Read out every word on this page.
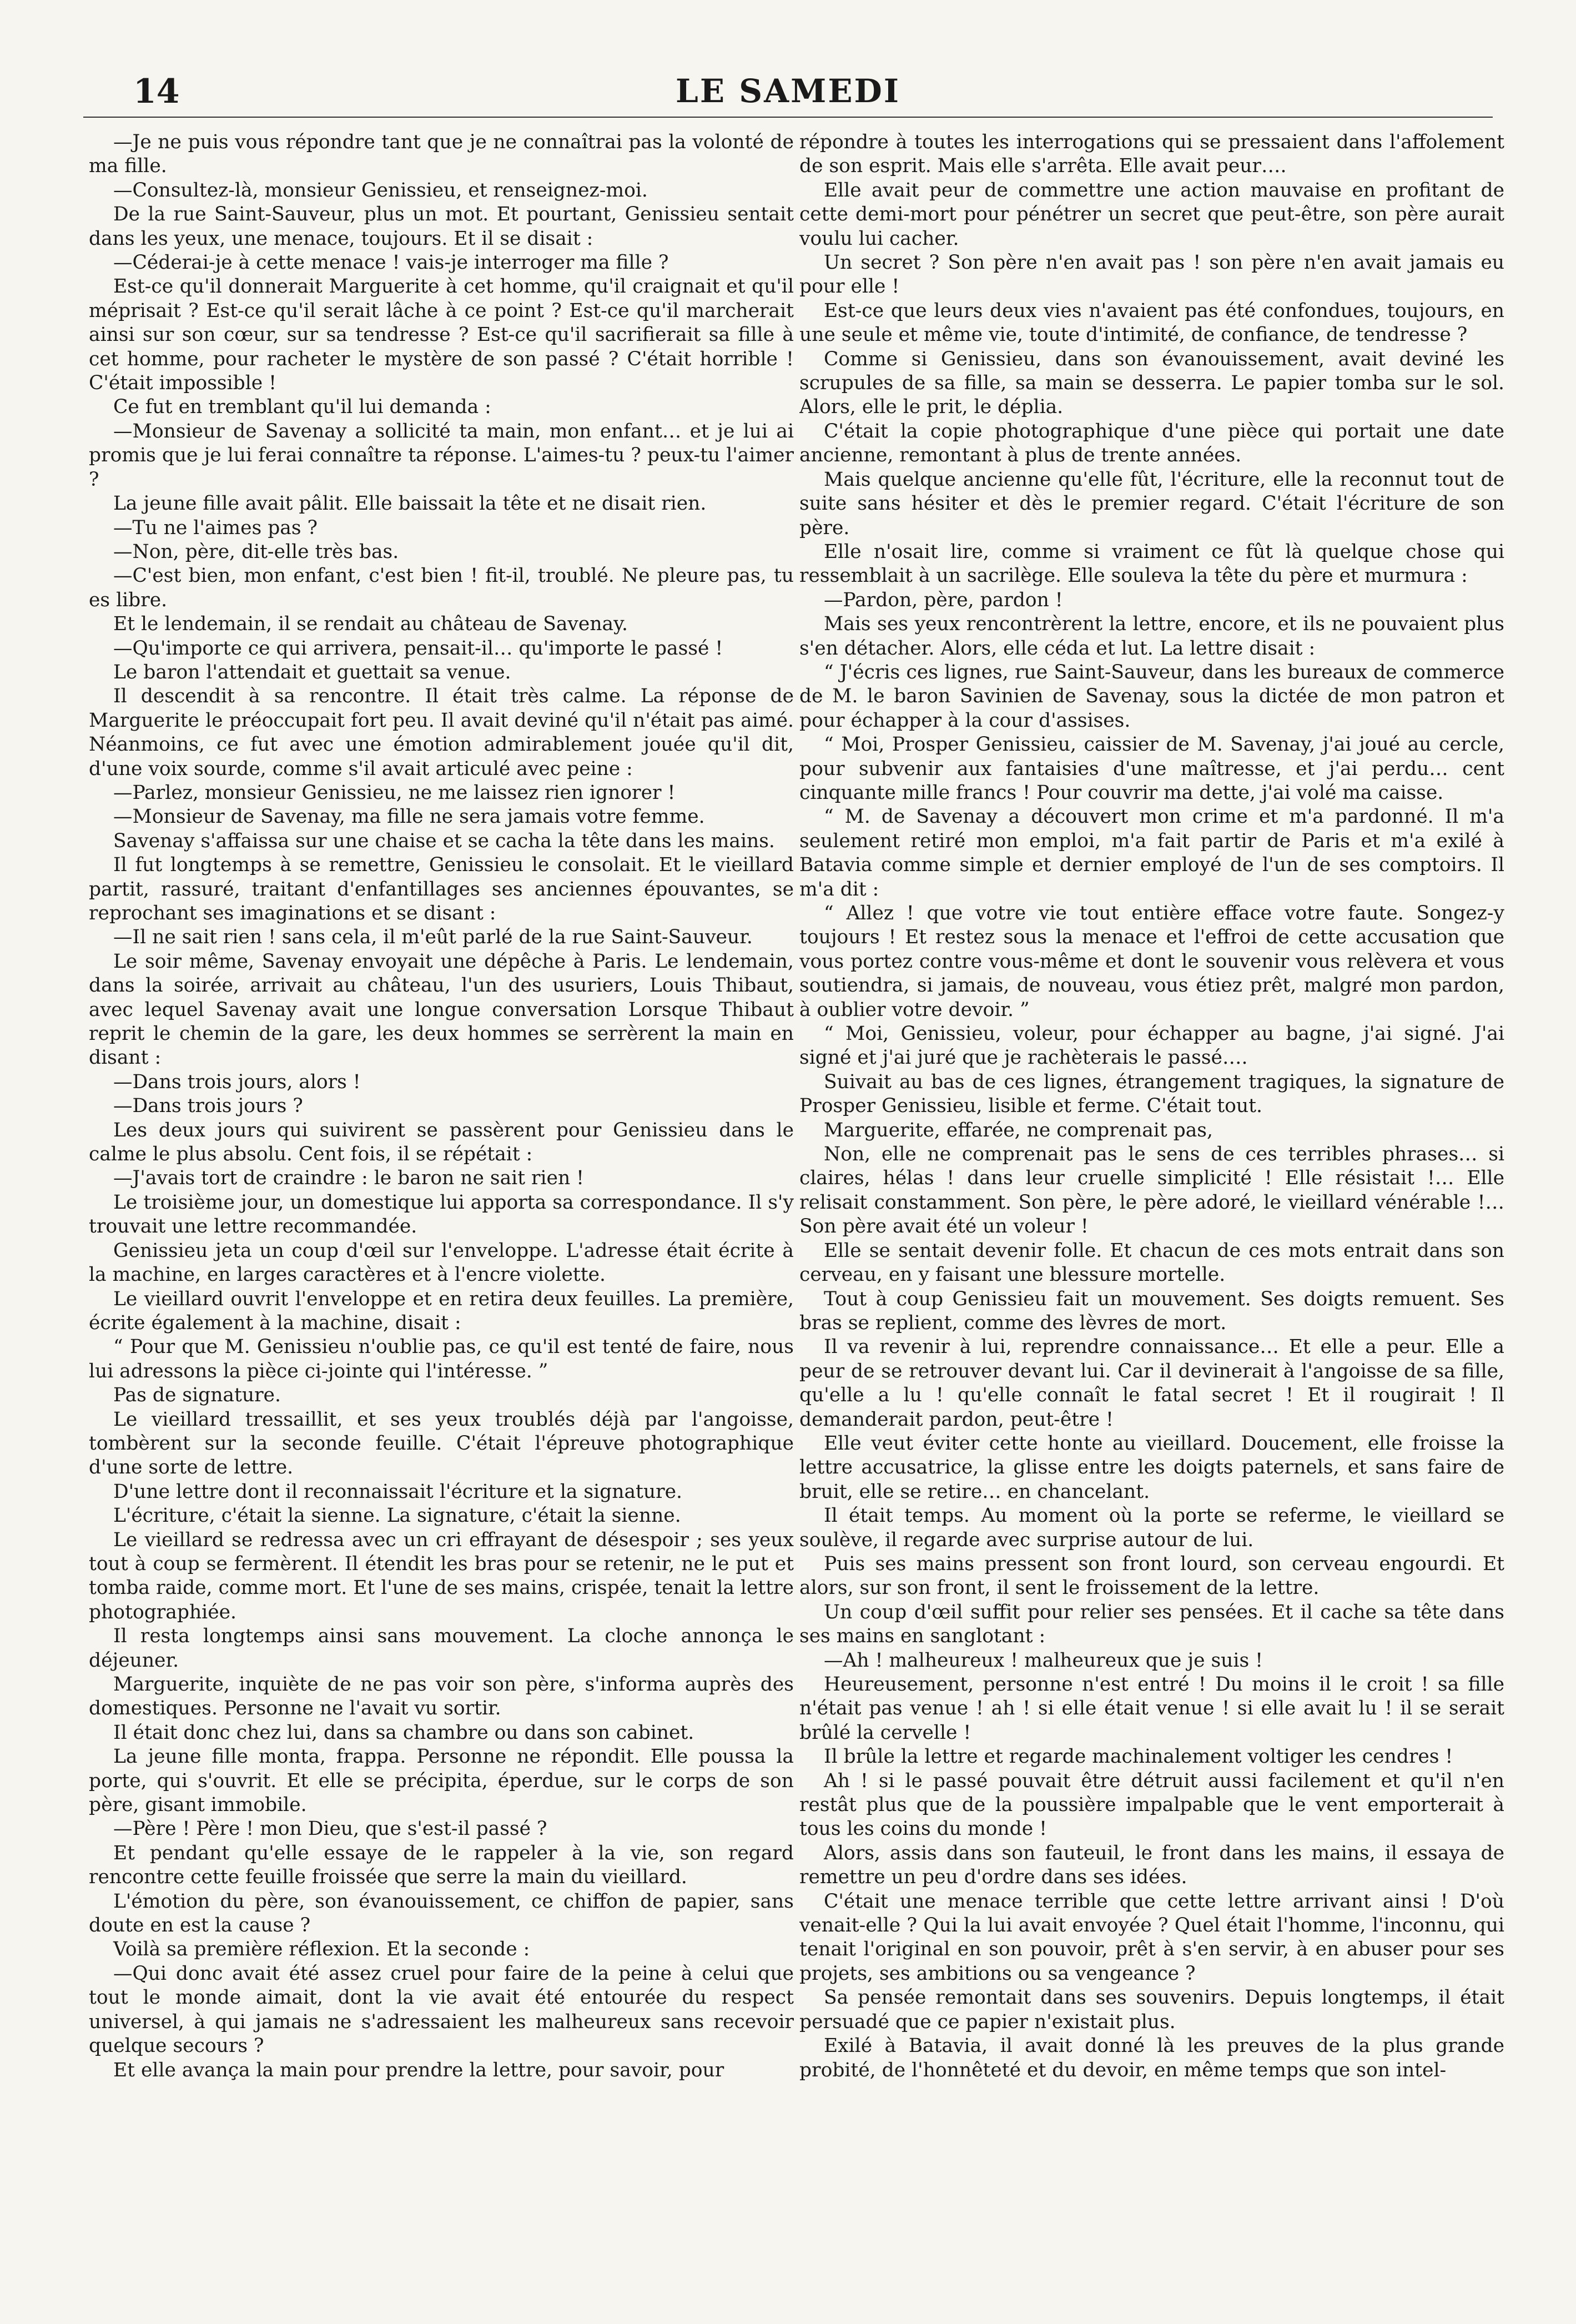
14	LE SAMEDI

—Je ne puis vous répondre tant que je ne connaîtrai pas la volonté de ma fille.

—Consultez-là, monsieur Genissieu, et renseignez-moi.

De la rue Saint-Sauveur, plus un mot. Et pourtant, Genissieu sentait dans les yeux, une menace, toujours. Et il se disait :

—Céderai-je à cette menace ! vais-je interroger ma fille ?

Est-ce qu'il donnerait Marguerite à cet homme, qu'il craignait et qu'il méprisait ? Est-ce qu'il serait lâche à ce point ? Est-ce qu'il marcherait ainsi sur son cœur, sur sa tendresse ? Est-ce qu'il sacrifierait sa fille à cet homme, pour racheter le mystère de son passé ? C'était horrible ! C'était impossible !

Ce fut en tremblant qu'il lui demanda :

—Monsieur de Savenay a sollicité ta main, mon enfant… et je lui ai promis que je lui ferai connaître ta réponse. L'aimes-tu ? peux-tu l'aimer ?

La jeune fille avait pâlit. Elle baissait la tête et ne disait rien.

—Tu ne l'aimes pas ?

—Non, père, dit-elle très bas.

—C'est bien, mon enfant, c'est bien ! fit-il, troublé. Ne pleure pas, tu es libre.

Et le lendemain, il se rendait au château de Savenay.

—Qu'importe ce qui arrivera, pensait-il… qu'importe le passé !

Le baron l'attendait et guettait sa venue.

Il descendit à sa rencontre. Il était très calme. La réponse de Marguerite le préoccupait fort peu. Il avait deviné qu'il n'était pas aimé. Néanmoins, ce fut avec une émotion admirablement jouée qu'il dit, d'une voix sourde, comme s'il avait articulé avec peine :

—Parlez, monsieur Genissieu, ne me laissez rien ignorer !

—Monsieur de Savenay, ma fille ne sera jamais votre femme.

Savenay s'affaissa sur une chaise et se cacha la tête dans les mains.

Il fut longtemps à se remettre, Genissieu le consolait. Et le vieillard partit, rassuré, traitant d'enfantillages ses anciennes épouvantes, se reprochant ses imaginations et se disant :

—Il ne sait rien ! sans cela, il m'eût parlé de la rue Saint-Sauveur.

Le soir même, Savenay envoyait une dépêche à Paris. Le lendemain, dans la soirée, arrivait au château, l'un des usuriers, Louis Thibaut, avec lequel Savenay avait une longue conversation Lorsque Thibaut reprit le chemin de la gare, les deux hommes se serrèrent la main en disant :

—Dans trois jours, alors !

—Dans trois jours ?

Les deux jours qui suivirent se passèrent pour Genissieu dans le calme le plus absolu. Cent fois, il se répétait :

—J'avais tort de craindre : le baron ne sait rien !

Le troisième jour, un domestique lui apporta sa correspondance. Il s'y trouvait une lettre recommandée.

Genissieu jeta un coup d'œil sur l'enveloppe. L'adresse était écrite à la machine, en larges caractères et à l'encre violette.

Le vieillard ouvrit l'enveloppe et en retira deux feuilles. La première, écrite également à la machine, disait :

“ Pour que M. Genissieu n'oublie pas, ce qu'il est tenté de faire, nous lui adressons la pièce ci-jointe qui l'intéresse. ”

Pas de signature.

Le vieillard tressaillit, et ses yeux troublés déjà par l'angoisse, tombèrent sur la seconde feuille. C'était l'épreuve photographique d'une sorte de lettre.

D'une lettre dont il reconnaissait l'écriture et la signature.

L'écriture, c'était la sienne. La signature, c'était la sienne.

Le vieillard se redressa avec un cri effrayant de désespoir ; ses yeux tout à coup se fermèrent. Il étendit les bras pour se retenir, ne le put et tomba raide, comme mort. Et l'une de ses mains, crispée, tenait la lettre photographiée.

Il resta longtemps ainsi sans mouvement. La cloche annonça le déjeuner.

Marguerite, inquiète de ne pas voir son père, s'informa auprès des domestiques. Personne ne l'avait vu sortir.

Il était donc chez lui, dans sa chambre ou dans son cabinet.

La jeune fille monta, frappa. Personne ne répondit. Elle poussa la porte, qui s'ouvrit. Et elle se précipita, éperdue, sur le corps de son père, gisant immobile.

—Père ! Père ! mon Dieu, que s'est-il passé ?

Et pendant qu'elle essaye de le rappeler à la vie, son regard rencontre cette feuille froissée que serre la main du vieillard.

L'émotion du père, son évanouissement, ce chiffon de papier, sans doute en est la cause ?

Voilà sa première réflexion. Et la seconde :

—Qui donc avait été assez cruel pour faire de la peine à celui que tout le monde aimait, dont la vie avait été entourée du respect universel, à qui jamais ne s'adressaient les malheureux sans recevoir quelque secours ?

Et elle avança la main pour prendre la lettre, pour savoir, pour

répondre à toutes les interrogations qui se pressaient dans l'affolement de son esprit. Mais elle s'arrêta. Elle avait peur….

Elle avait peur de commettre une action mauvaise en profitant de cette demi-mort pour pénétrer un secret que peut-être, son père aurait voulu lui cacher.

Un secret ? Son père n'en avait pas ! son père n'en avait jamais eu pour elle !

Est-ce que leurs deux vies n'avaient pas été confondues, toujours, en une seule et même vie, toute d'intimité, de confiance, de tendresse ?

Comme si Genissieu, dans son évanouissement, avait deviné les scrupules de sa fille, sa main se desserra. Le papier tomba sur le sol. Alors, elle le prit, le déplia.

C'était la copie photographique d'une pièce qui portait une date ancienne, remontant à plus de trente années.

Mais quelque ancienne qu'elle fût, l'écriture, elle la reconnut tout de suite sans hésiter et dès le premier regard. C'était l'écriture de son père.

Elle n'osait lire, comme si vraiment ce fût là quelque chose qui ressemblait à un sacrilège. Elle souleva la tête du père et murmura :

—Pardon, père, pardon !

Mais ses yeux rencontrèrent la lettre, encore, et ils ne pouvaient plus s'en détacher. Alors, elle céda et lut. La lettre disait :

“ J'écris ces lignes, rue Saint-Sauveur, dans les bureaux de commerce de M. le baron Savinien de Savenay, sous la dictée de mon patron et pour échapper à la cour d'assises.

“ Moi, Prosper Genissieu, caissier de M. Savenay, j'ai joué au cercle, pour subvenir aux fantaisies d'une maîtresse, et j'ai perdu… cent cinquante mille francs ! Pour couvrir ma dette, j'ai volé ma caisse.

“ M. de Savenay a découvert mon crime et m'a pardonné. Il m'a seulement retiré mon emploi, m'a fait partir de Paris et m'a exilé à Batavia comme simple et dernier employé de l'un de ses comptoirs. Il m'a dit :

“ Allez ! que votre vie tout entière efface votre faute. Songez-y toujours ! Et restez sous la menace et l'effroi de cette accusation que vous portez contre vous-même et dont le souvenir vous relèvera et vous soutiendra, si jamais, de nouveau, vous étiez prêt, malgré mon pardon, à oublier votre devoir. ”

“ Moi, Genissieu, voleur, pour échapper au bagne, j'ai signé. J'ai signé et j'ai juré que je rachèterais le passé….

Suivait au bas de ces lignes, étrangement tragiques, la signature de Prosper Genissieu, lisible et ferme. C'était tout.

Marguerite, effarée, ne comprenait pas,

Non, elle ne comprenait pas le sens de ces terribles phrases… si claires, hélas ! dans leur cruelle simplicité ! Elle résistait !… Elle relisait constamment. Son père, le père adoré, le vieillard vénérable !… Son père avait été un voleur !

Elle se sentait devenir folle. Et chacun de ces mots entrait dans son cerveau, en y faisant une blessure mortelle.

Tout à coup Genissieu fait un mouvement. Ses doigts remuent. Ses bras se replient, comme des lèvres de mort.

Il va revenir à lui, reprendre connaissance… Et elle a peur. Elle a peur de se retrouver devant lui. Car il devinerait à l'angoisse de sa fille, qu'elle a lu ! qu'elle connaît le fatal secret ! Et il rougirait ! Il demanderait pardon, peut-être !

Elle veut éviter cette honte au vieillard. Doucement, elle froisse la lettre accusatrice, la glisse entre les doigts paternels, et sans faire de bruit, elle se retire… en chancelant.

Il était temps. Au moment où la porte se referme, le vieillard se soulève, il regarde avec surprise autour de lui.

Puis ses mains pressent son front lourd, son cerveau engourdi. Et alors, sur son front, il sent le froissement de la lettre.

Un coup d'œil suffit pour relier ses pensées. Et il cache sa tête dans ses mains en sanglotant :

—Ah ! malheureux ! malheureux que je suis !

Heureusement, personne n'est entré ! Du moins il le croit ! sa fille n'était pas venue ! ah ! si elle était venue ! si elle avait lu ! il se serait brûlé la cervelle !

Il brûle la lettre et regarde machinalement voltiger les cendres !

Ah ! si le passé pouvait être détruit aussi facilement et qu'il n'en restât plus que de la poussière impalpable que le vent emporterait à tous les coins du monde !

Alors, assis dans son fauteuil, le front dans les mains, il essaya de remettre un peu d'ordre dans ses idées.

C'était une menace terrible que cette lettre arrivant ainsi ! D'où venait-elle ? Qui la lui avait envoyée ? Quel était l'homme, l'inconnu, qui tenait l'original en son pouvoir, prêt à s'en servir, à en abuser pour ses projets, ses ambitions ou sa vengeance ?

Sa pensée remontait dans ses souvenirs. Depuis longtemps, il était persuadé que ce papier n'existait plus.

Exilé à Batavia, il avait donné là les preuves de la plus grande probité, de l'honnêteté et du devoir, en même temps que son intel-
